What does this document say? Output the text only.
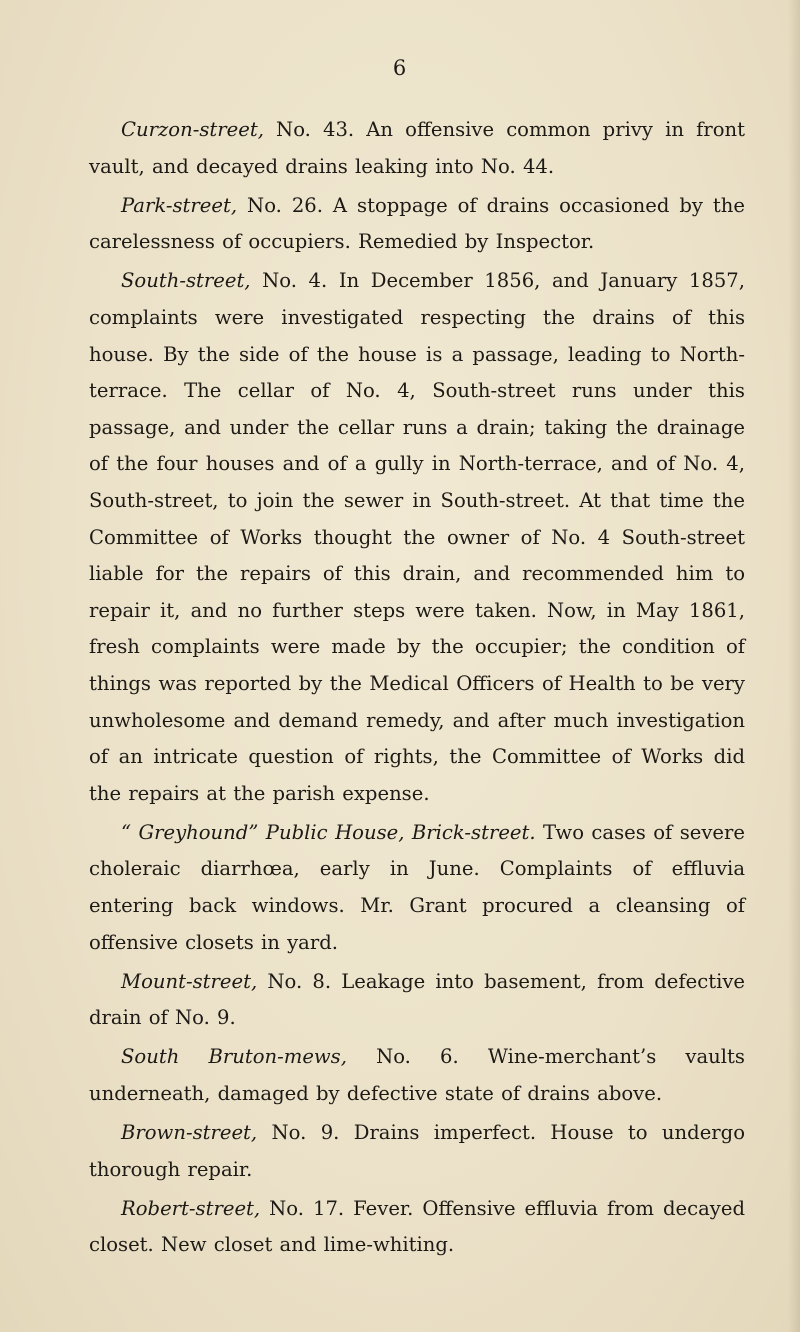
6

Curzon-street, No. 43. An offensive common privy in front vault, and decayed drains leaking into No. 44.

Park-street, No. 26. A stoppage of drains occasioned by the carelessness of occupiers. Remedied by Inspector.

South-street, No. 4. In December 1856, and January 1857, complaints were investigated respecting the drains of this house. By the side of the house is a passage, leading to North-terrace. The cellar of No. 4, South-street runs under this passage, and under the cellar runs a drain; taking the drainage of the four houses and of a gully in North-terrace, and of No. 4, South-street, to join the sewer in South-street. At that time the Committee of Works thought the owner of No. 4 South-street liable for the repairs of this drain, and recommended him to repair it, and no further steps were taken. Now, in May 1861, fresh complaints were made by the occupier; the condition of things was reported by the Medical Officers of Health to be very unwholesome and demand remedy, and after much investigation of an intricate question of rights, the Committee of Works did the repairs at the parish expense.

“ Greyhound” Public House, Brick-street. Two cases of severe choleraic diarrhœa, early in June. Complaints of effluvia entering back windows. Mr. Grant procured a cleansing of offensive closets in yard.

Mount-street, No. 8. Leakage into basement, from defective drain of No. 9.

South Bruton-mews, No. 6. Wine-merchant’s vaults underneath, damaged by defective state of drains above.

Brown-street, No. 9. Drains imperfect. House to undergo thorough repair.

Robert-street, No. 17. Fever. Offensive effluvia from decayed closet. New closet and lime-whiting.
